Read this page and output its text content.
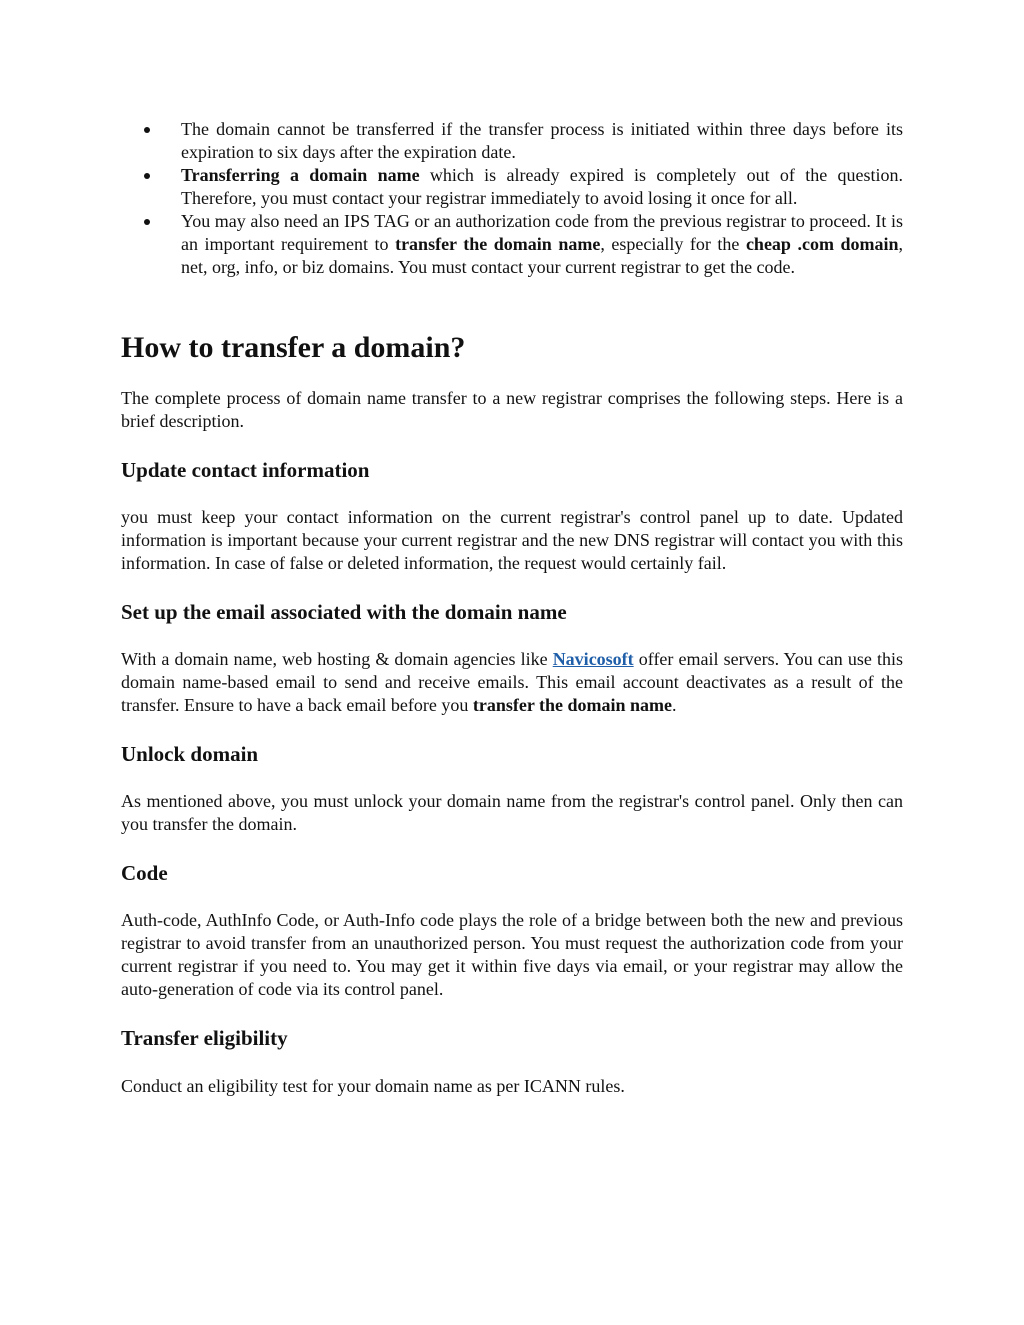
The domain cannot be transferred if the transfer process is initiated within three days before its expiration to six days after the expiration date.
Transferring a domain name which is already expired is completely out of the question. Therefore, you must contact your registrar immediately to avoid losing it once for all.
You may also need an IPS TAG or an authorization code from the previous registrar to proceed. It is an important requirement to transfer the domain name, especially for the cheap .com domain, net, org, info, or biz domains. You must contact your current registrar to get the code.
How to transfer a domain?

The complete process of domain name transfer to a new registrar comprises the following steps. Here is a brief description.

Update contact information

you must keep your contact information on the current registrar's control panel up to date. Updated information is important because your current registrar and the new DNS registrar will contact you with this information. In case of false or deleted information, the request would certainly fail.

Set up the email associated with the domain name

With a domain name, web hosting & domain agencies like Navicosoft offer email servers. You can use this domain name-based email to send and receive emails. This email account deactivates as a result of the transfer. Ensure to have a back email before you transfer the domain name.

Unlock domain

As mentioned above, you must unlock your domain name from the registrar's control panel. Only then can you transfer the domain.

Code

Auth-code, AuthInfo Code, or Auth-Info code plays the role of a bridge between both the new and previous registrar to avoid transfer from an unauthorized person. You must request the authorization code from your current registrar if you need to. You may get it within five days via email, or your registrar may allow the auto-generation of code via its control panel.

Transfer eligibility

Conduct an eligibility test for your domain name as per ICANN rules.
